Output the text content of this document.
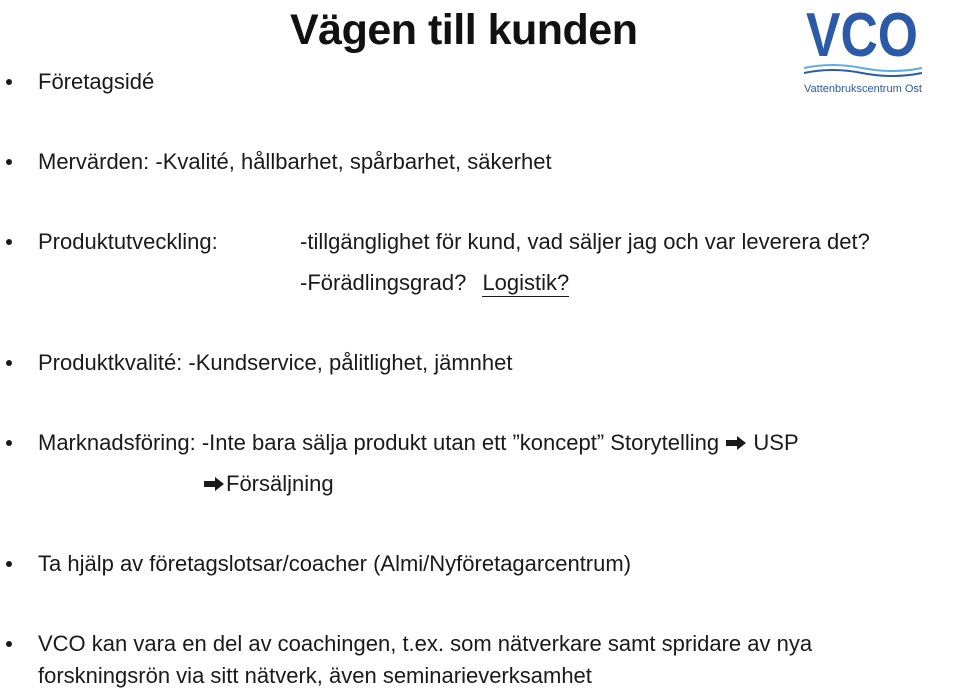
Vägen till kunden	VCO
Vattenbrukscentrum Ost
Företagsidé
Mervärden: -Kvalité, hållbarhet, spårbarhet, säkerhet
Produktutveckling:	-tillgänglighet för kund, vad säljer jag och var leverera det?
-Förädlingsgrad? Logistik?
Produktkvalité: -Kundservice, pålitlighet, jämnhet
Marknadsföring: -Inte bara sälja produkt utan ett ”koncept” Storytelling USP
Försäljning
Ta hjälp av företagslotsar/coacher (Almi/Nyföretagarcentrum)
VCO kan vara en del av coachingen, t.ex. som nätverkare samt spridare av nya
forskningsrön via sitt nätverk, även seminarieverksamhet
